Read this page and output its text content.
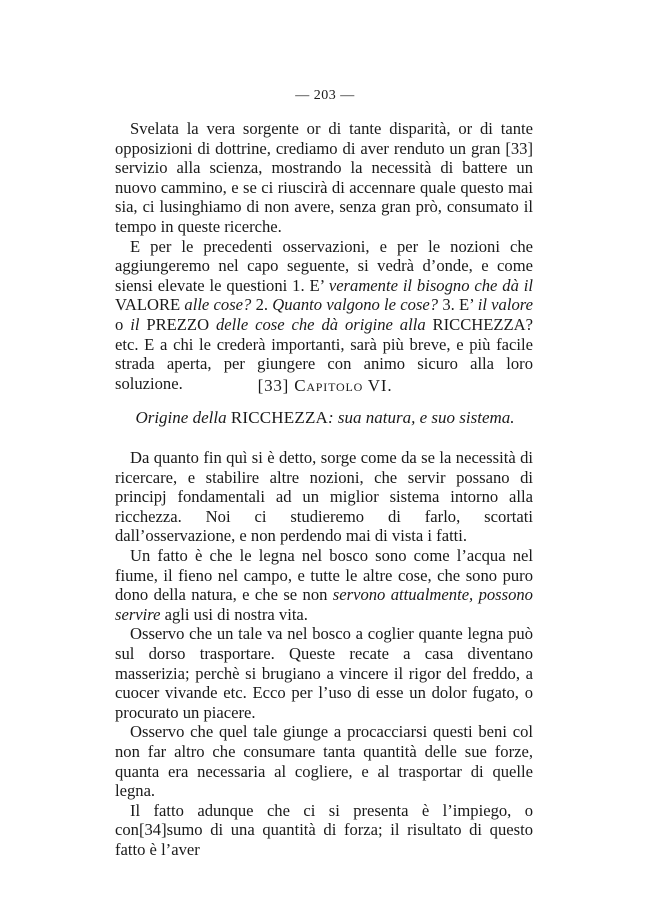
— 203 —

Svelata la vera sorgente or di tante disparità, or di tante opposizioni di dottrine, crediamo di aver renduto un gran [33] servizio alla scienza, mostrando la necessità di battere un nuovo cammino, e se ci riuscirà di accennare quale questo mai sia, ci lusinghiamo di non avere, senza gran prò, consumato il tempo in queste ricerche.

E per le precedenti osservazioni, e per le nozioni che aggiungeremo nel capo seguente, si vedrà d’onde, e come siensi elevate le questioni 1. E’ veramente il bisogno che dà il VALORE alle cose? 2. Quanto valgono le cose? 3. E’ il valore o il PREZZO delle cose che dà origine alla RICCHEZZA? etc. E a chi le crederà importanti, sarà più breve, e più facile strada aperta, per giungere con animo sicuro alla loro soluzione.	[33] Capitolo VI.
Origine della RICCHEZZA: sua natura, e suo sistema.

Da quanto fin quì si è detto, sorge come da se la necessità di ricercare, e stabilire altre nozioni, che servir possano di principj fondamentali ad un miglior sistema intorno alla ricchezza. Noi ci studieremo di farlo, scortati dall’osservazione, e non perdendo mai di vista i fatti.

Un fatto è che le legna nel bosco sono come l’acqua nel fiume, il fieno nel campo, e tutte le altre cose, che sono puro dono della natura, e che se non servono attualmente, possono servire agli usi di nostra vita.

Osservo che un tale va nel bosco a coglier quante legna può sul dorso trasportare. Queste recate a casa diventano masserizia; perchè si brugiano a vincere il rigor del freddo, a cuocer vivande etc. Ecco per l’uso di esse un dolor fugato, o procurato un piacere.

Osservo che quel tale giunge a procacciarsi questi beni col non far altro che consumare tanta quantità delle sue forze, quanta era necessaria al cogliere, e al trasportar di quelle legna.

Il fatto adunque che ci si presenta è l’impiego, o con[34]sumo di una quantità di forza; il risultato di questo fatto è l’aver
